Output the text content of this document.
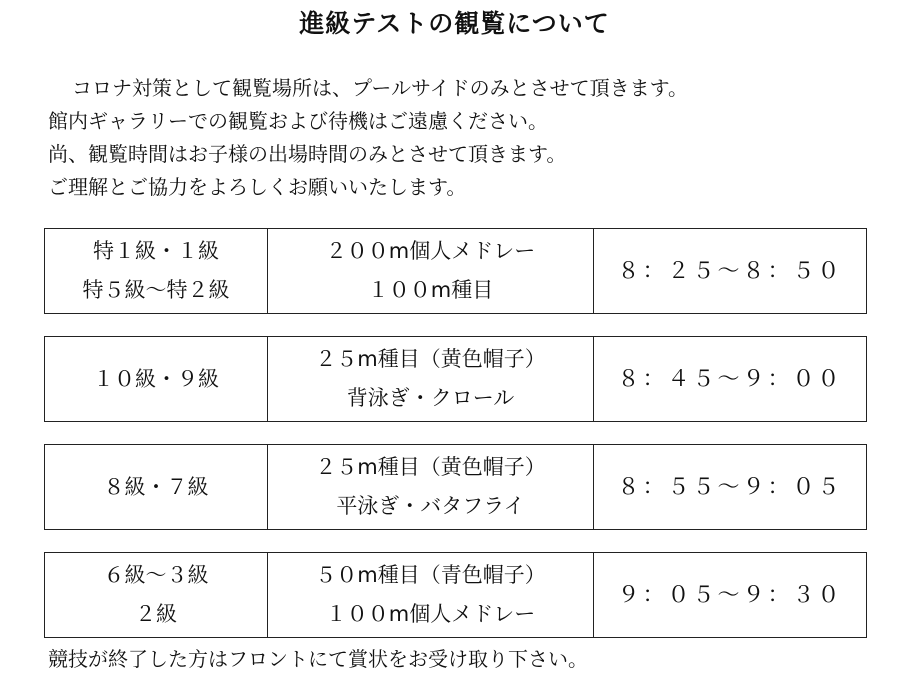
進級テストの観覧について
コロナ対策として観覧場所は、プールサイドのみとさせて頂きます。
館内ギャラリーでの観覧および待機はご遠慮ください。
尚、観覧時間はお子様の出場時間のみとさせて頂きます。
ご理解とご協力をよろしくお願いいたします。
特１級・１級
特５級～特２級
２００m個人メドレー
１００m種目
８：２５～８：５０
１０級・９級
２５m種目（黄色帽子）
背泳ぎ・クロール
８：４５～９：００
８級・７級
２５m種目（黄色帽子）
平泳ぎ・バタフライ
８：５５～９：０５
６級～３級
２級
５０m種目（青色帽子）
１００m個人メドレー
９：０５～９：３０
競技が終了した方はフロントにて賞状をお受け取り下さい。
